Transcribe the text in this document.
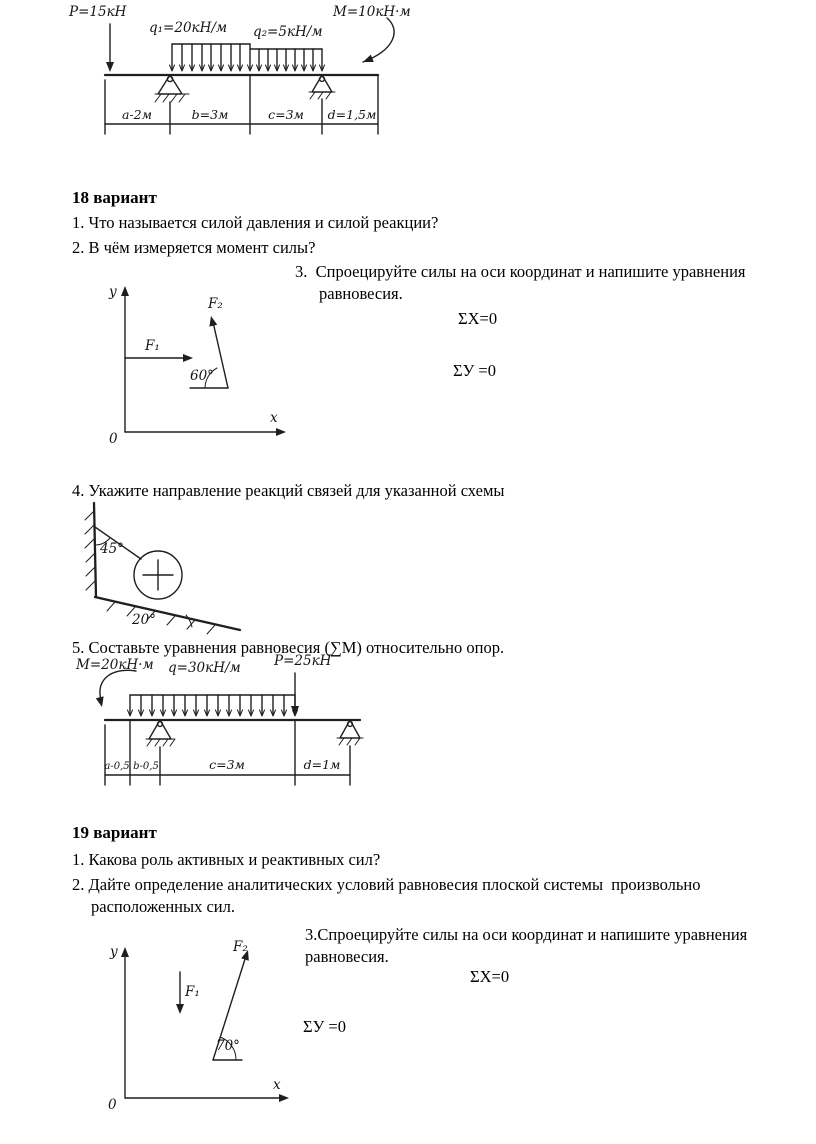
P=15кН
q₁=20кН/м q₂=5кН/м
М=10кН·м
a-2м	b=3м	c=3м d=1,5м
18 вариант
1. Что называется силой давления и силой реакции?
2. В чём измеряется момент силы?
3.  Спроецируйте силы на оси координат и напишите уравнения
равновесия.
ΣХ=0
ΣУ =0
y
x
0
F₁
F₂
60°
4. Укажите направление реакций связей для указанной схемы
45°
20°
5. Составьте уравнения равновесия (∑М) относительно опор.
М=20кН·м q=30кН/м P=25кН
а-0,5 b-0,5	c=3м	d=1м
19 вариант
1. Какова роль активных и реактивных сил?
2. Дайте определение аналитических условий равновесия плоской системы  произвольно
расположенных сил.
3.Спроецируйте силы на оси координат и напишите уравнения
равновесия.
ΣХ=0
ΣУ =0
y
x
0
F₁
F₂
70°
